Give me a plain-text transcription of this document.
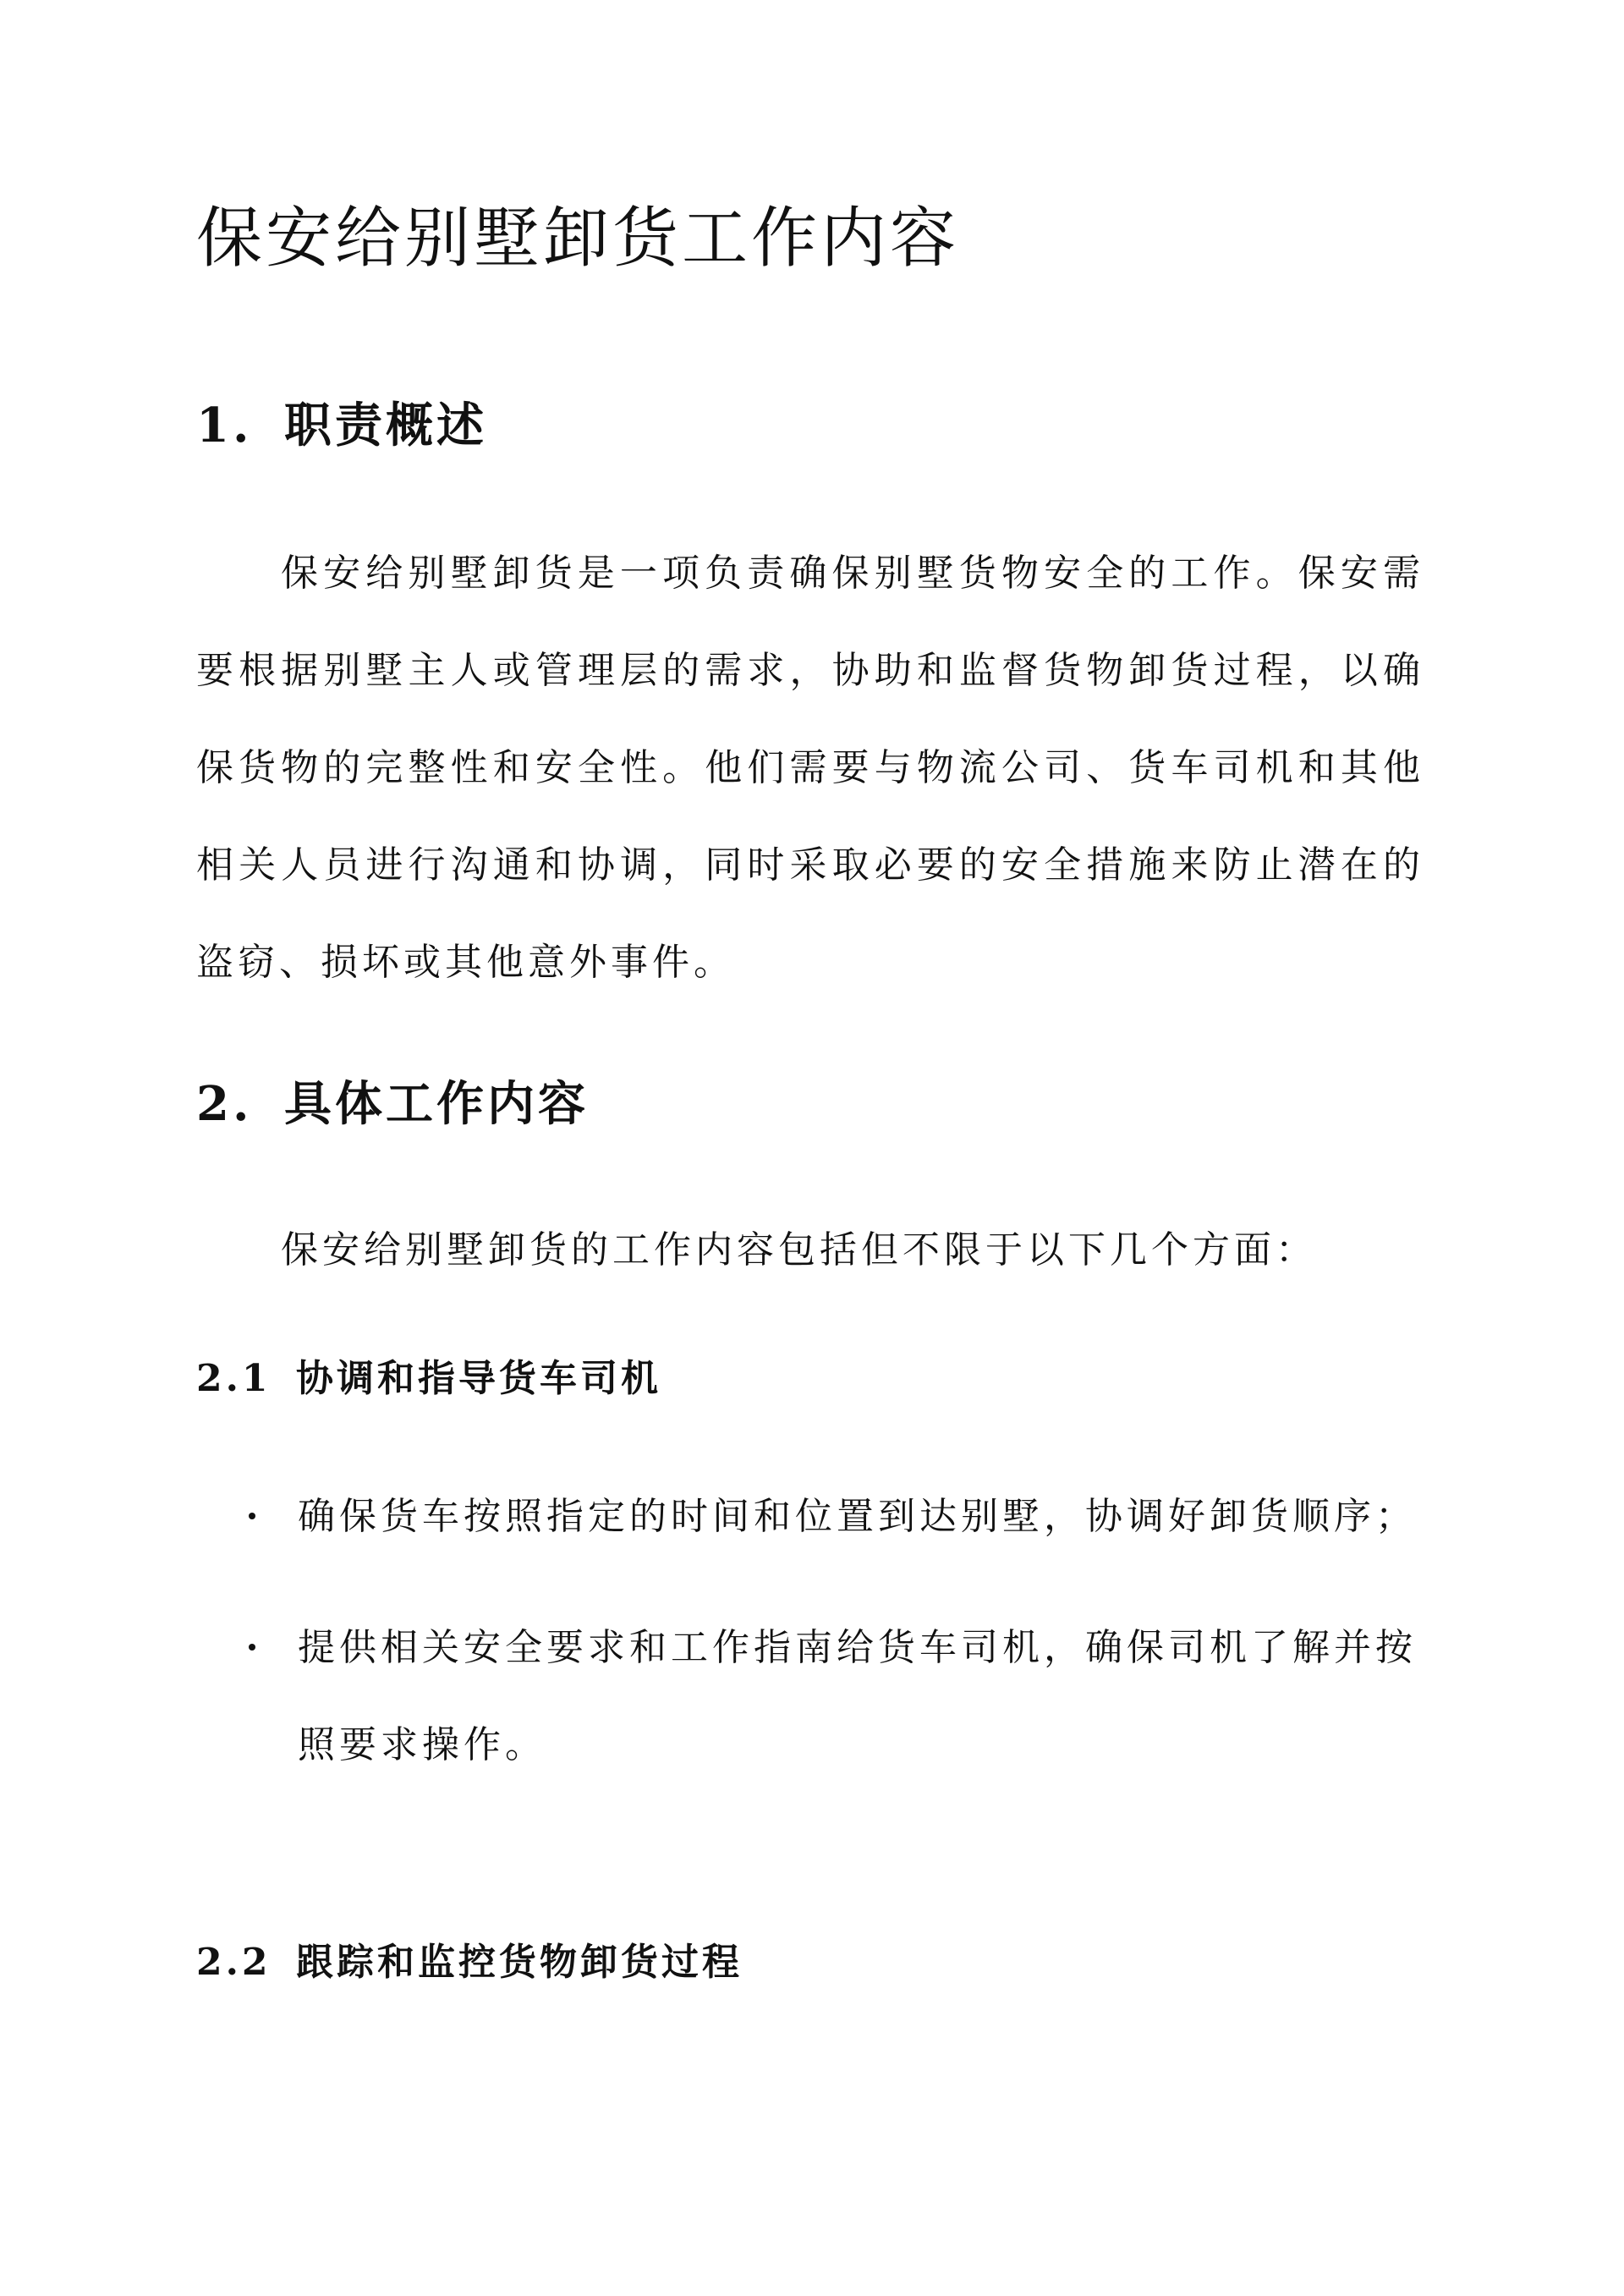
保安给别墅卸货工作内容
1. 职责概述

保安给别墅卸货是一项负责确保别墅货物安全的工作。保安需要根据别墅主人或管理层的需求，协助和监督货物卸货过程，以确保货物的完整性和安全性。他们需要与物流公司、货车司机和其他相关人员进行沟通和协调，同时采取必要的安全措施来防止潜在的盗窃、损坏或其他意外事件。

2. 具体工作内容

保安给别墅卸货的工作内容包括但不限于以下几个方面：

2.1 协调和指导货车司机
确保货车按照指定的时间和位置到达别墅，协调好卸货顺序；
提供相关安全要求和工作指南给货车司机，确保司机了解并按照要求操作。
2.2 跟踪和监控货物卸货过程
